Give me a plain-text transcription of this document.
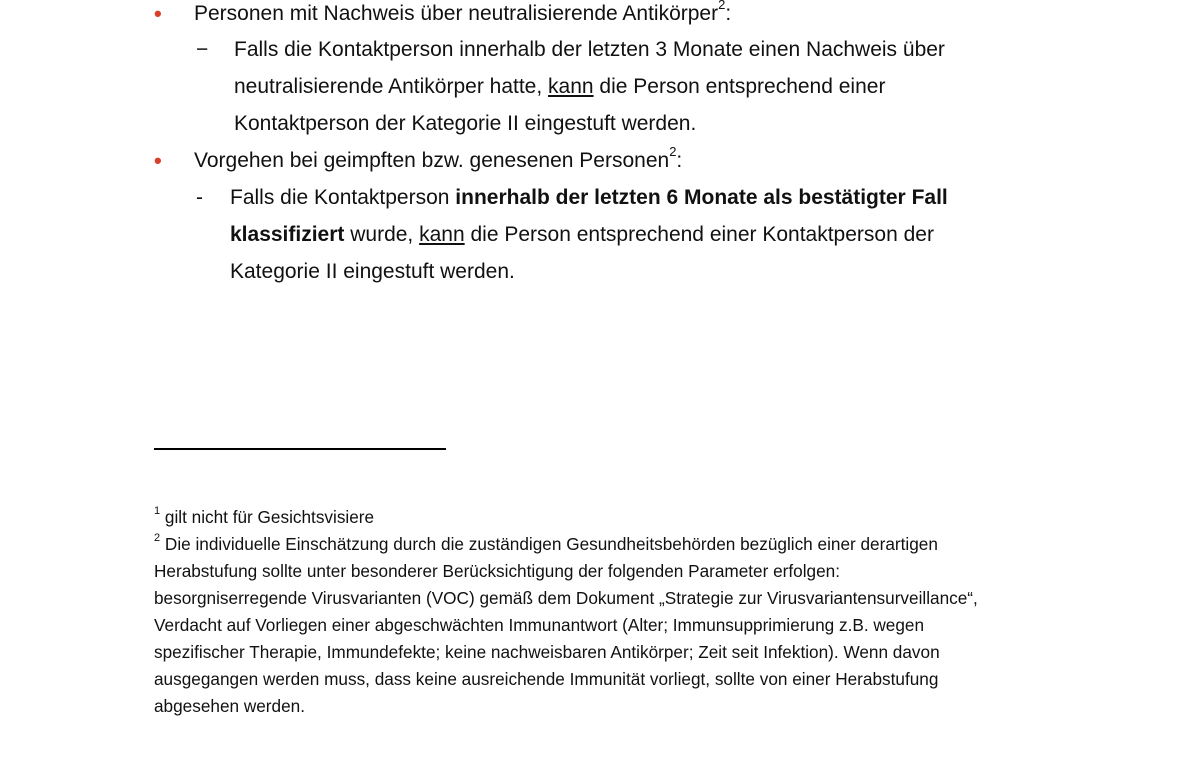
• Personen mit Nachweis über neutralisierende Antikörper$^2$:
− Falls die Kontaktperson innerhalb der letzten 3 Monate einen Nachweis über
neutralisierende Antikörper hatte, kann die Person entsprechend einer
Kontaktperson der Kategorie II eingestuft werden.
• Vorgehen bei geimpften bzw. genesenen Personen$^2$:
- Falls die Kontaktperson innerhalb der letzten 6 Monate als bestätigter Fall
klassifiziert wurde, kann die Person entsprechend einer Kontaktperson der
Kategorie II eingestuft werden.
$^1$ gilt nicht für Gesichtsvisiere
$^2$ Die individuelle Einschätzung durch die zuständigen Gesundheitsbehörden bezüglich einer derartigen
Herabstufung sollte unter besonderer Berücksichtigung der folgenden Parameter erfolgen:
besorgniserregende Virusvarianten (VOC) gemäß dem Dokument „Strategie zur Virusvariantensurveillance“,
Verdacht auf Vorliegen einer abgeschwächten Immunantwort (Alter; Immunsupprimierung z.B. wegen
spezifischer Therapie, Immundefekte; keine nachweisbaren Antikörper; Zeit seit Infektion). Wenn davon
ausgegangen werden muss, dass keine ausreichende Immunität vorliegt, sollte von einer Herabstufung
abgesehen werden.
